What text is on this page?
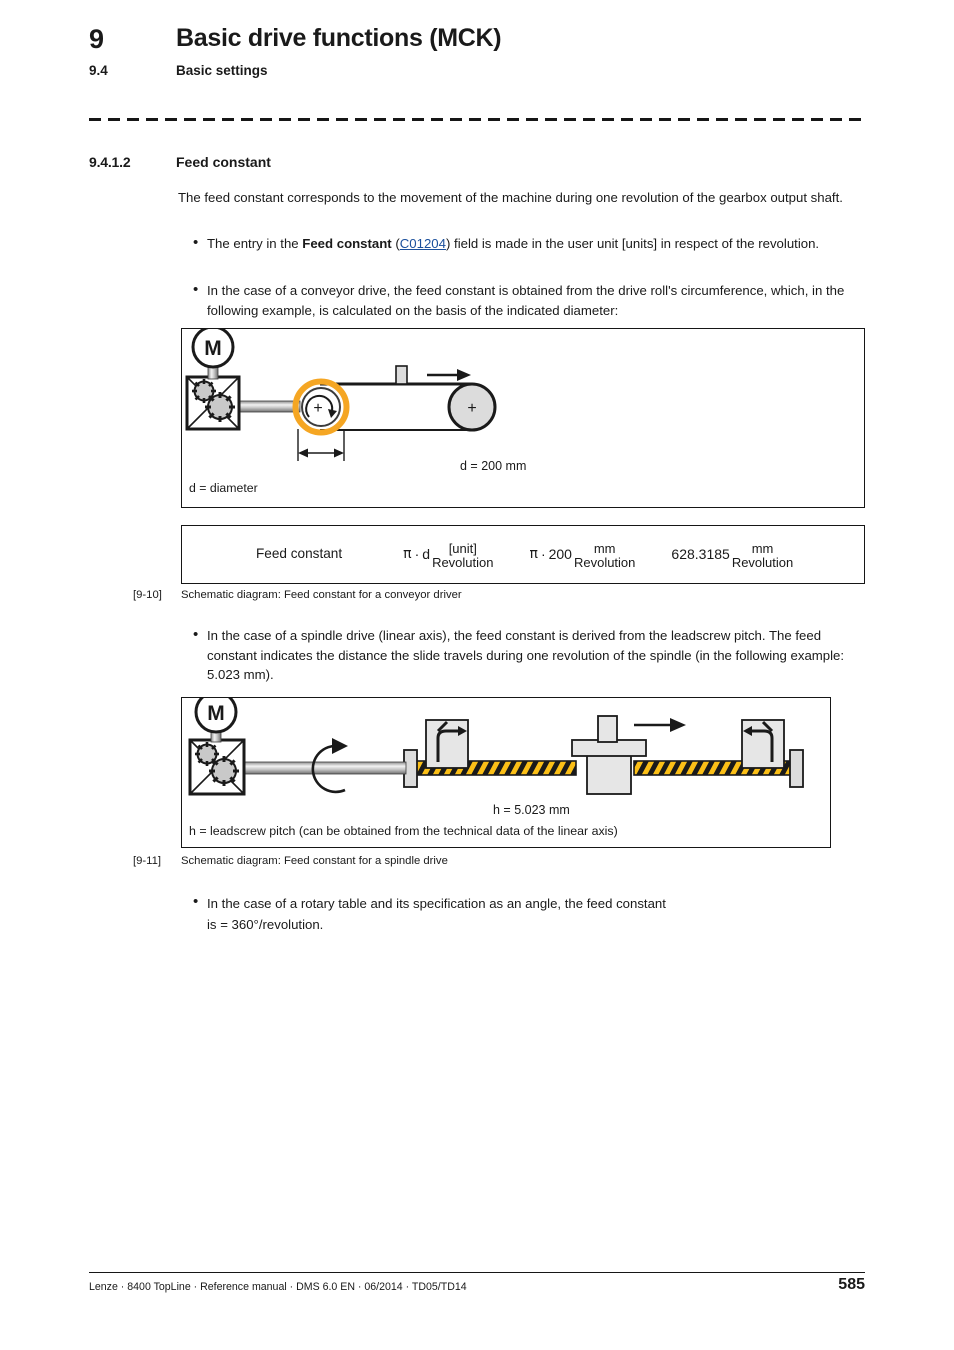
9	Basic drive functions (MCK)
9.4	Basic settings
9.4.1.2	Feed constant
The feed constant corresponds to the movement of the machine during one revolution of the gearbox output shaft.
• The entry in the Feed constant (C01204) field is made in the user unit [units] in respect of the revolution.
• In the case of a conveyor drive, the feed constant is obtained from the drive roll's circumference, which, in the following example, is calculated on the basis of the indicated diameter:
+
+
M
d = 200 mm
d = diameter
Feed constant	π · d [unit]
Revolution
π · 200 mm
Revolution
628.3185 mm
Revolution
[9-10] Schematic diagram: Feed constant for a conveyor driver
• In the case of a spindle drive (linear axis), the feed constant is derived from the leadscrew pitch. The feed constant indicates the distance the slide travels during one revolution of the spindle (in the following example: 5.023 mm).
M
h = 5.023 mm
h = leadscrew pitch (can be obtained from the technical data of the linear axis)
[9-11] Schematic diagram: Feed constant for a spindle drive
• In the case of a rotary table and its specification as an angle, the feed constant
is = 360°/revolution.
Lenze · 8400 TopLine · Reference manual · DMS 6.0 EN · 06/2014 · TD05/TD14	585
